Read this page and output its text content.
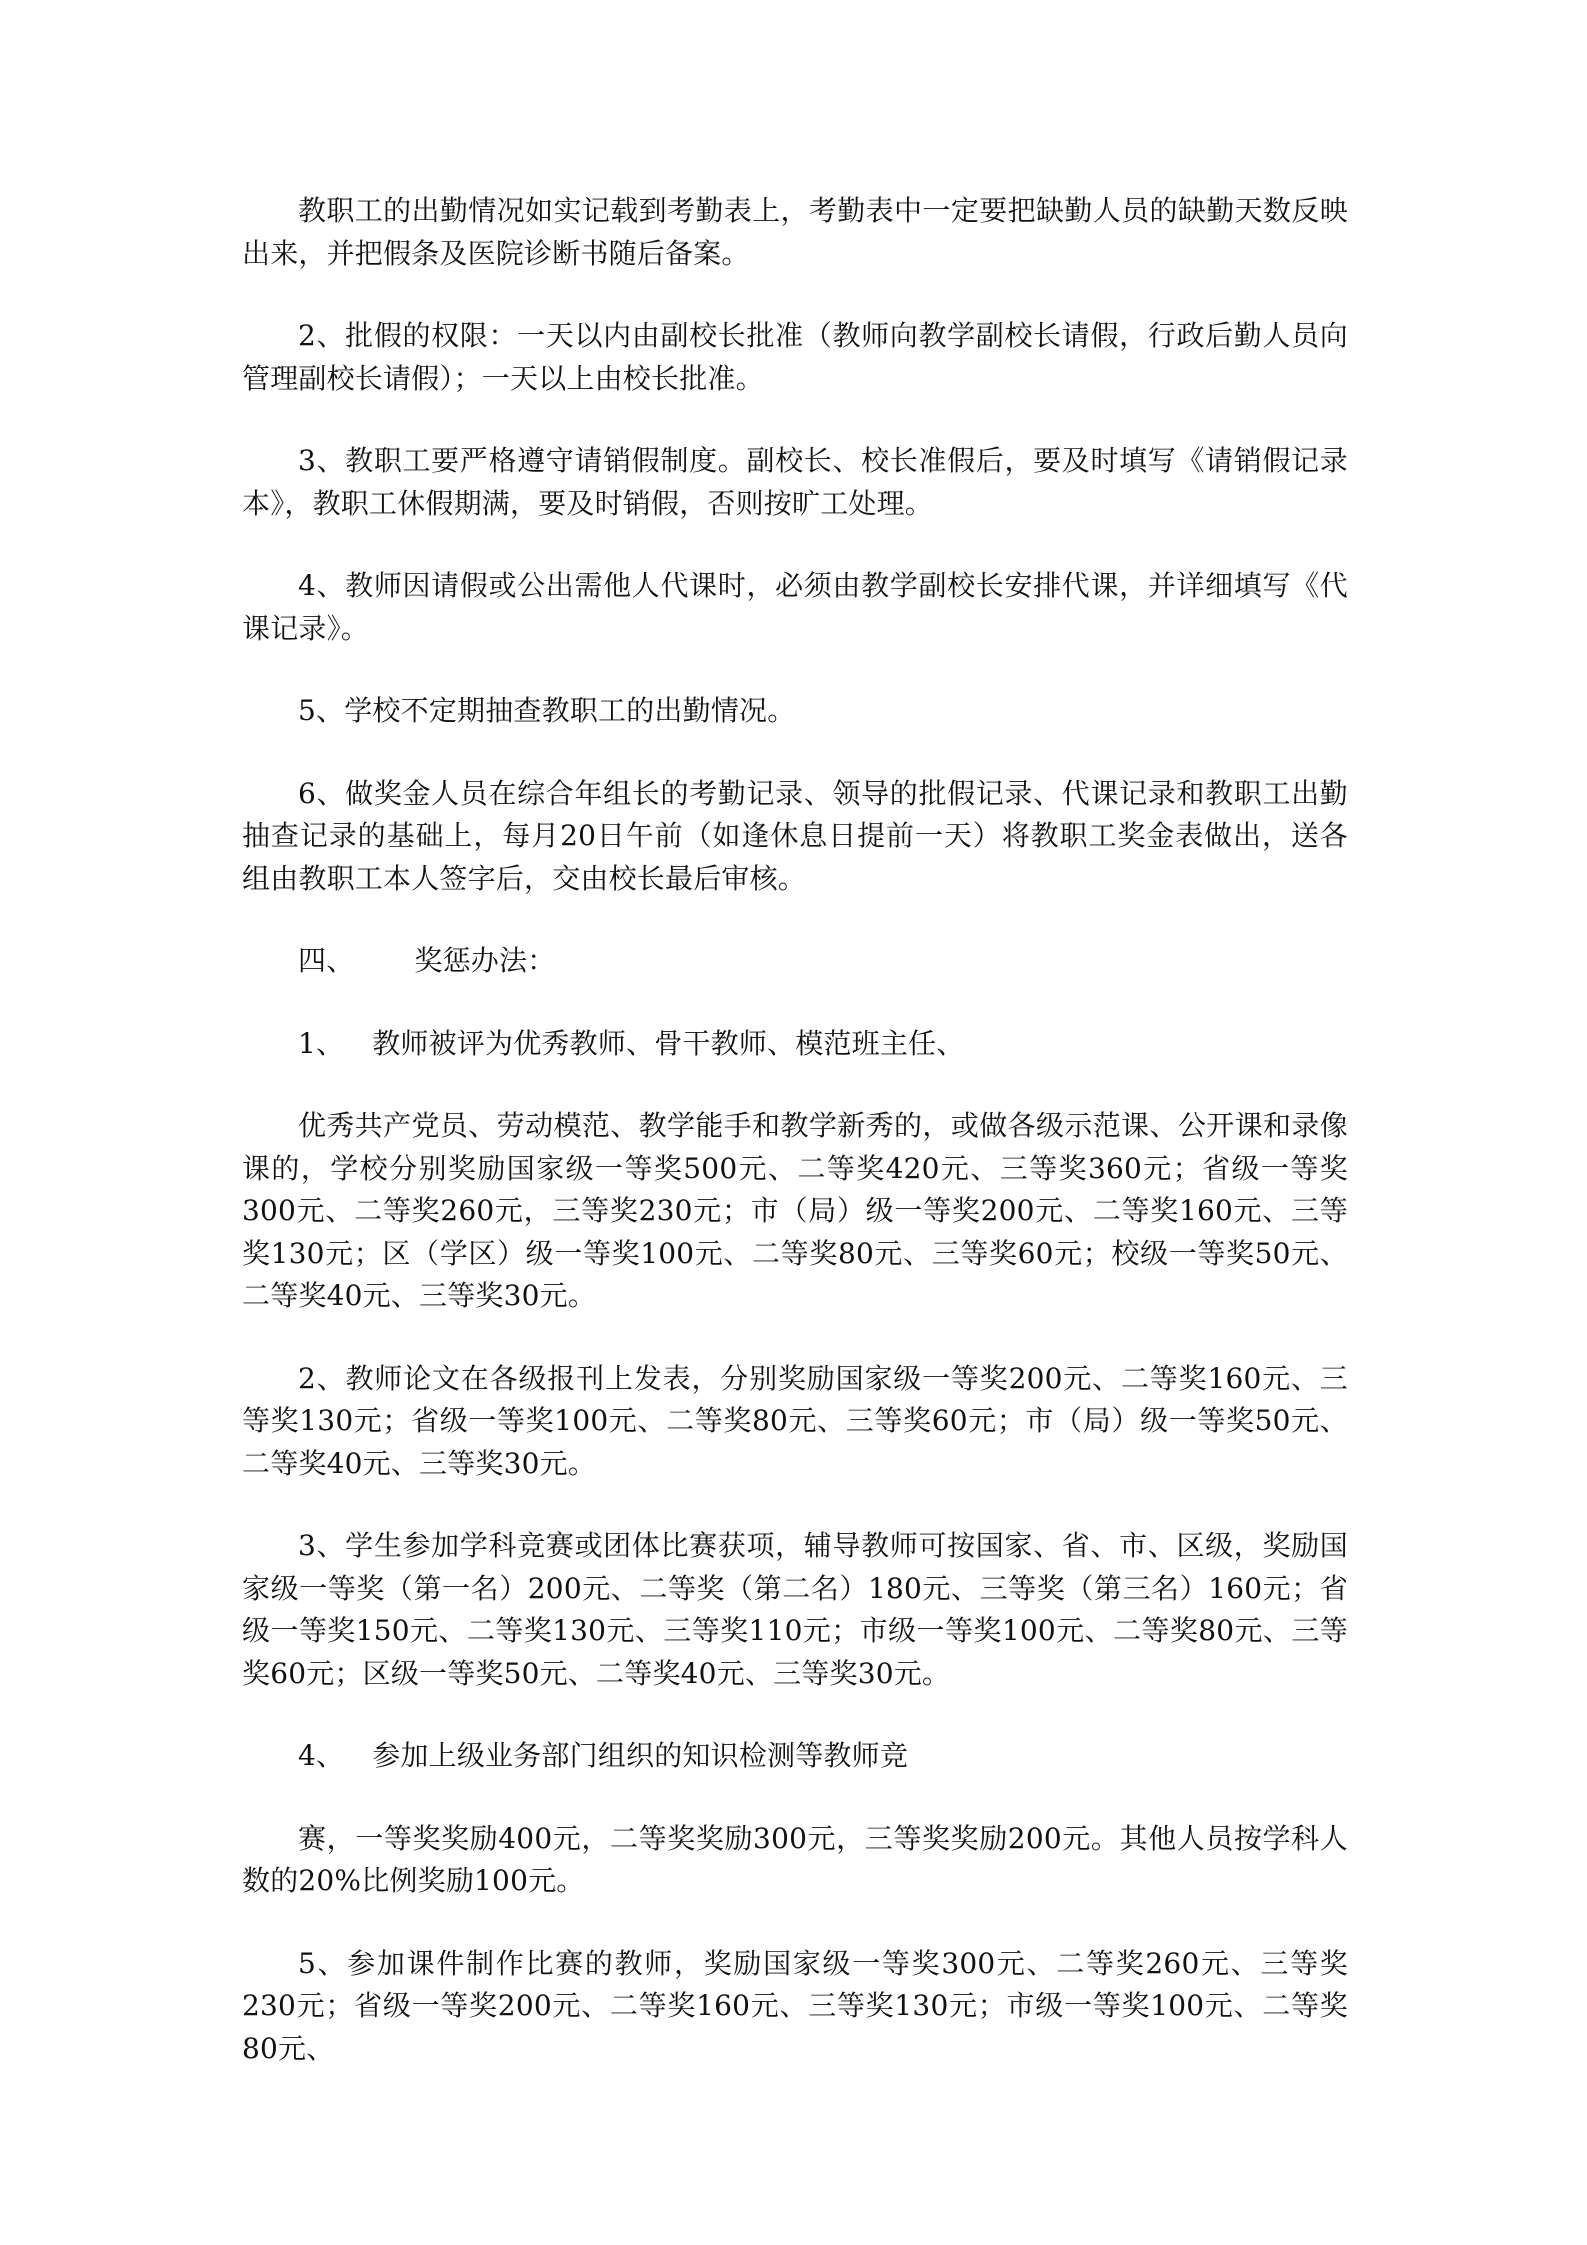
教职工的出勤情况如实记载到考勤表上，考勤表中一定要把缺勤人员的缺勤天数反映出来，并把假条及医院诊断书随后备案。

2、批假的权限：一天以内由副校长批准（教师向教学副校长请假，行政后勤人员向管理副校长请假）；一天以上由校长批准。

3、教职工要严格遵守请销假制度。副校长、校长准假后，要及时填写《请销假记录本》，教职工休假期满，要及时销假，否则按旷工处理。

4、教师因请假或公出需他人代课时，必须由教学副校长安排代课，并详细填写《代课记录》。

5、学校不定期抽查教职工的出勤情况。

6、做奖金人员在综合年组长的考勤记录、领导的批假记录、代课记录和教职工出勤抽查记录的基础上，每月20日午前（如逢休息日提前一天）将教职工奖金表做出，送各组由教职工本人签字后，交由校长最后审核。

四、 奖惩办法：

1、 教师被评为优秀教师、骨干教师、模范班主任、

优秀共产党员、劳动模范、教学能手和教学新秀的，或做各级示范课、公开课和录像课的，学校分别奖励国家级一等奖500元、二等奖420元、三等奖360元；省级一等奖300元、二等奖260元，三等奖230元；市（局）级一等奖200元、二等奖160元、三等奖130元；区（学区）级一等奖100元、二等奖80元、三等奖60元；校级一等奖50元、二等奖40元、三等奖30元。

2、教师论文在各级报刊上发表，分别奖励国家级一等奖200元、二等奖160元、三等奖130元；省级一等奖100元、二等奖80元、三等奖60元；市（局）级一等奖50元、二等奖40元、三等奖30元。

3、学生参加学科竞赛或团体比赛获项，辅导教师可按国家、省、市、区级，奖励国家级一等奖（第一名）200元、二等奖（第二名）180元、三等奖（第三名）160元；省级一等奖150元、二等奖130元、三等奖110元；市级一等奖100元、二等奖80元、三等奖60元；区级一等奖50元、二等奖40元、三等奖30元。

4、 参加上级业务部门组织的知识检测等教师竞

赛，一等奖奖励400元，二等奖奖励300元，三等奖奖励200元。其他人员按学科人数的20%比例奖励100元。

5、参加课件制作比赛的教师，奖励国家级一等奖300元、二等奖260元、三等奖230元；省级一等奖200元、二等奖160元、三等奖130元；市级一等奖100元、二等奖80元、
